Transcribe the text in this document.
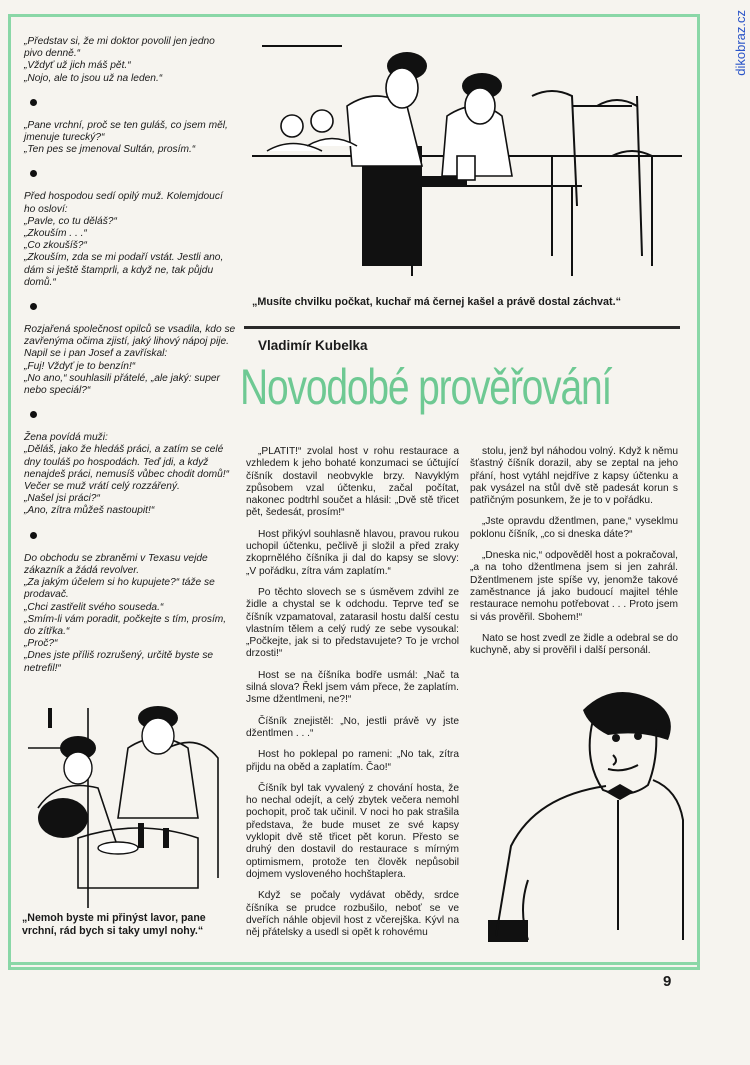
dikobraz.cz

„Představ si, že mi doktor povolil jen jedno pivo denně.“

„Vždyť už jich máš pět.“

„Nojo, ale to jsou už na leden.“

„Pane vrchní, proč se ten guláš, co jsem měl, jmenuje turecký?“

„Ten pes se jmenoval Sultán, prosím.“

Před hospodou sedí opilý muž. Kolemjdoucí ho osloví:

„Pavle, co tu děláš?“

„Zkouším . . .“

„Co zkoušíš?“

„Zkouším, zda se mi podaří vstát. Jestli ano, dám si ještě štamprli, a když ne, tak půjdu domů.“

Rozjařená společnost opilců se vsadila, kdo se zavřenýma očima zjistí, jaký lihový nápoj pije. Napil se i pan Josef a zavřískal:

„Fuj! Vždyť je to benzín!“

„No ano,“ souhlasili přátelé, „ale jaký: super nebo speciál?“

Žena povídá muži:

„Děláš, jako že hledáš práci, a zatím se celé dny touláš po hospodách. Teď jdi, a když nenajdeš práci, nemusíš vůbec chodit domů!“

Večer se muž vrátí celý rozzářený.

„Našel jsi práci?“

„Ano, zítra můžeš nastoupit!“

Do obchodu se zbraněmi v Texasu vejde zákazník a žádá revolver.

„Za jakým účelem si ho kupujete?“ táže se prodavač.

„Chci zastřelit svého souseda.“

„Smím-li vám poradit, počkejte s tím, prosím, do zítřka.“

„Proč?“

„Dnes jste příliš rozrušený, určitě byste se netrefil!“

„Musíte chvilku počkat, kuchař má černej kašel a právě dostal záchvat.“
Vladimír Kubelka
Novodobé prověřování

„PLATIT!“ zvolal host v rohu restaurace a vzhledem k jeho bohaté konzumaci se účtující číšník dostavil neobvykle brzy. Navyklým způsobem vzal účtenku, začal počítat, nakonec podtrhl součet a hlásil: „Dvě stě třicet pět, šedesát, prosím!“

Host přikývl souhlasně hlavou, pravou rukou uchopil účtenku, pečlivě ji složil a před zraky zkoprnělého číšníka ji dal do kapsy se slovy: „V pořádku, zítra vám zaplatím.“

Po těchto slovech se s úsměvem zdvihl ze židle a chystal se k odchodu. Teprve teď se číšník vzpamatoval, zatarasil hostu další cestu vlastním tělem a celý rudý ze sebe vysoukal: „Počkejte, jak si to představujete? To je vrchol drzosti!“

Host se na číšníka bodře usmál: „Nač ta silná slova? Řekl jsem vám přece, že zaplatím. Jsme džentlmeni, ne?!“

Číšník znejistěl: „No, jestli právě vy jste džentlmen . . .“

Host ho poklepal po rameni: „No tak, zítra přijdu na oběd a zaplatím. Čao!“

Číšník byl tak vyvalený z chování hosta, že ho nechal odejít, a celý zbytek večera nemohl pochopit, proč tak učinil. V noci ho pak strašila představa, že bude muset ze své kapsy vyklopit dvě stě třicet pět korun. Přesto se druhý den dostavil do restaurace s mírným optimismem, protože ten člověk nepůsobil dojmem vysloveného hochštaplera.

Když se počaly vydávat obědy, srdce číšníka se prudce rozbušilo, neboť se ve dveřích náhle objevil host z včerejška. Kývl na něj přátelsky a usedl si opět k rohovému

stolu, jenž byl náhodou volný. Když k němu šťastný číšník dorazil, aby se zeptal na jeho přání, host vytáhl nejdříve z kapsy účtenku a pak vysázel na stůl dvě stě padesát korun s patřičným posunkem, že je to v pořádku.

„Jste opravdu džentlmen, pane,“ vyseklmu poklonu číšník, „co si dneska dáte?“

„Dneska nic,“ odpověděl host a pokračoval, „a na toho džentlmena jsem si jen zahrál. Džentlmenem jste spíše vy, jenomže takové zaměstnance já jako budoucí majitel téhle restaurace nemohu potřebovat . . . Proto jsem si vás prověřil. Sbohem!“

Nato se host zvedl ze židle a odebral se do kuchyně, aby si prověřil i další personál.

„Nemoh byste mi přinýst lavor, pane vrchní, rád bych si taky umyl nohy.“
9
